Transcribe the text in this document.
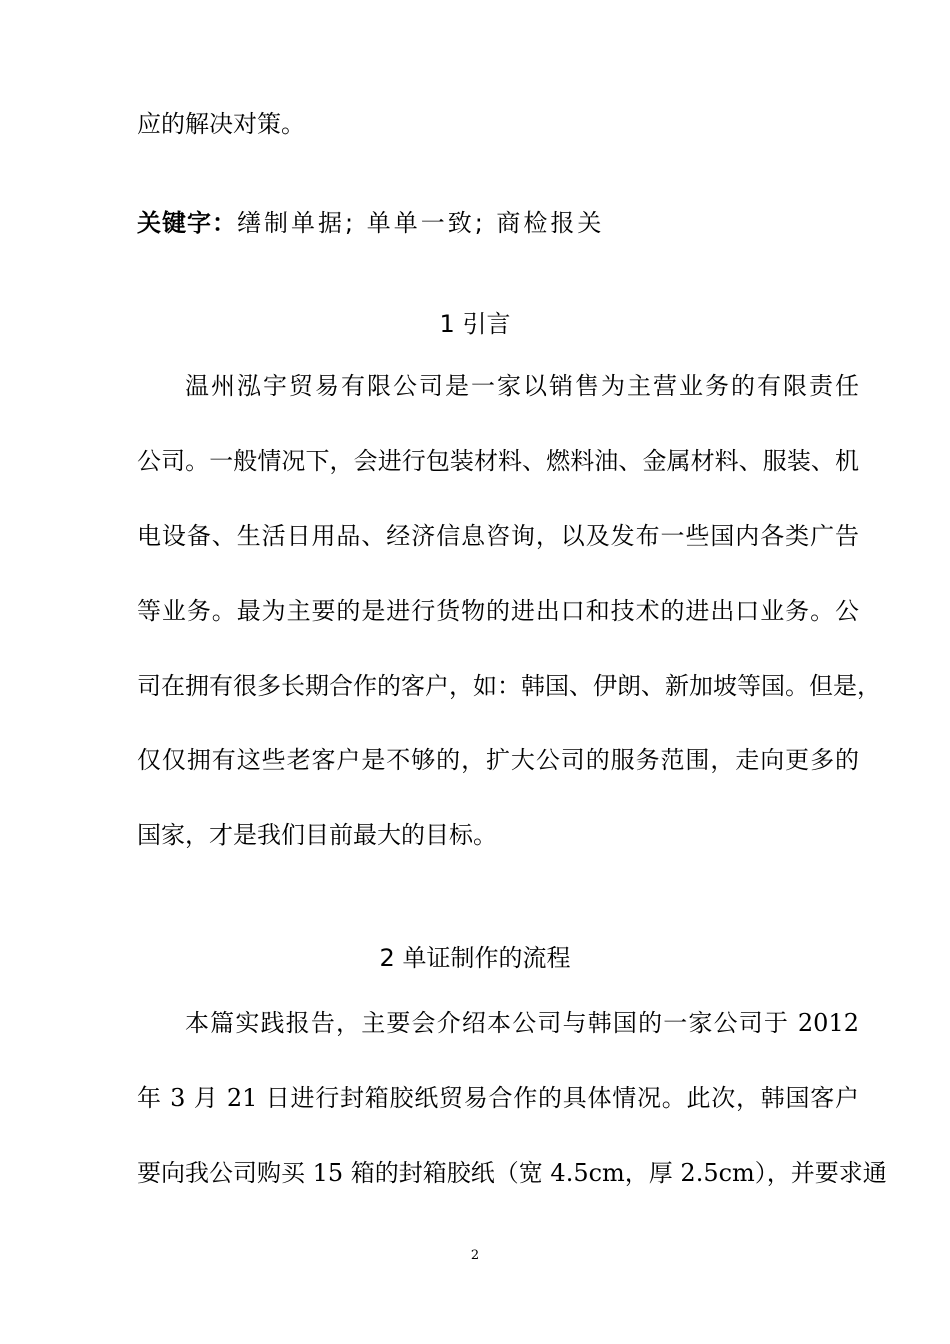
应的解决对策。
关键字：缮制单据; 单单一致; 商检报关
1 引言
温州泓宇贸易有限公司是一家以销售为主营业务的有限责任
公司。一般情况下，会进行包装材料、燃料油、金属材料、服装、机
电设备、生活日用品、经济信息咨询，以及发布一些国内各类广告
等业务。最为主要的是进行货物的进出口和技术的进出口业务。公
司在拥有很多长期合作的客户，如：韩国、伊朗、新加坡等国。但是，
仅仅拥有这些老客户是不够的，扩大公司的服务范围，走向更多的
国家，才是我们目前最大的目标。
2 单证制作的流程
本篇实践报告，主要会介绍本公司与韩国的一家公司于 2012
年 3 月 21 日进行封箱胶纸贸易合作的具体情况。此次，韩国客户
要向我公司购买 15 箱的封箱胶纸（宽 4.5cm，厚 2.5cm），并要求通
2
